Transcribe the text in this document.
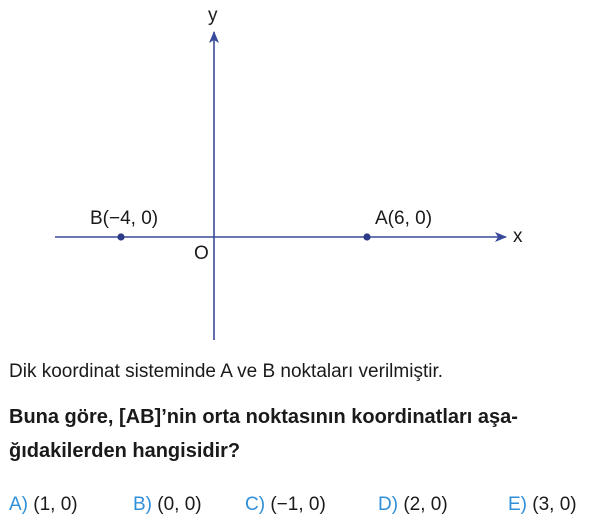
y
x
O
A(6, 0)
B(−4, 0)
Dik koordinat sisteminde A ve B noktaları verilmiştir.
Buna göre, [AB]’nin orta noktasının koordinatları aşa-ğıdakilerden hangisidir?
A) (1, 0)	B) (0, 0) C) (−1, 0)	D) (2, 0)	E) (3, 0)
